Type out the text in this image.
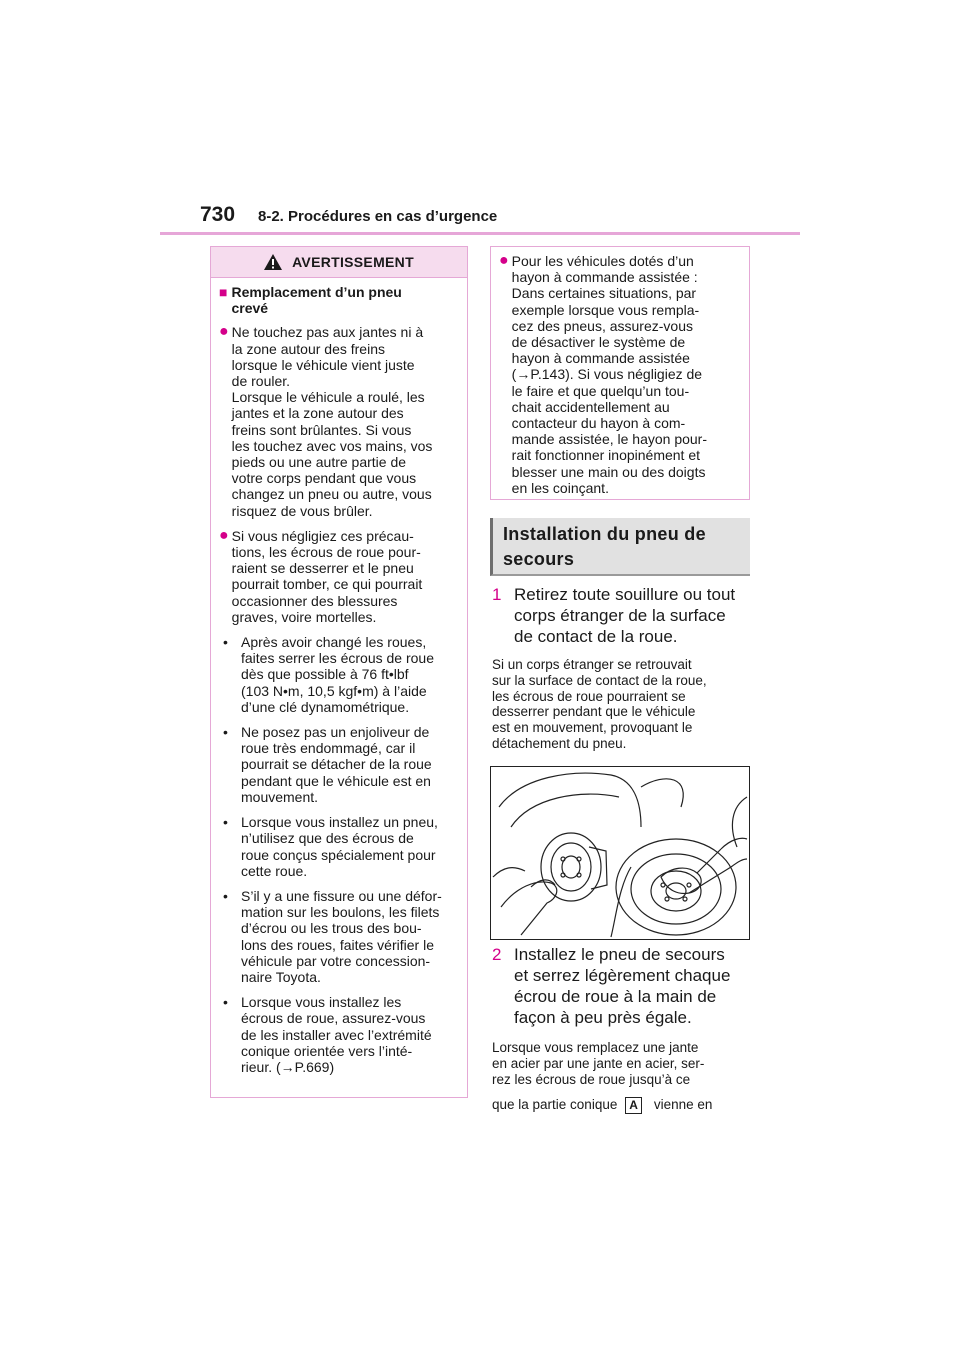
730 8-2. Procédures en cas d’urgence
AVERTISSEMENT
■ Remplacement d’un pneu
crevé
● Ne touchez pas aux jantes ni à
la zone autour des freins
lorsque le véhicule vient juste
de rouler.
Lorsque le véhicule a roulé, les
jantes et la zone autour des
freins sont brûlantes. Si vous
les touchez avec vos mains, vos
pieds ou une autre partie de
votre corps pendant que vous
changez un pneu ou autre, vous
risquez de vous brûler.
● Si vous négligiez ces précau-
tions, les écrous de roue pour-
raient se desserrer et le pneu
pourrait tomber, ce qui pourrait
occasionner des blessures
graves, voire mortelles.
• Après avoir changé les roues,
faites serrer les écrous de roue
dès que possible à 76 ft•lbf
(103 N•m, 10,5 kgf•m) à l’aide
d’une clé dynamométrique.
• Ne posez pas un enjoliveur de
roue très endommagé, car il
pourrait se détacher de la roue
pendant que le véhicule est en
mouvement.
• Lorsque vous installez un pneu,
n’utilisez que des écrous de
roue conçus spécialement pour
cette roue.
• S’il y a une fissure ou une défor-
mation sur les boulons, les filets
d’écrou ou les trous des bou-
lons des roues, faites vérifier le
véhicule par votre concession-
naire Toyota.
• Lorsque vous installez les
écrous de roue, assurez-vous
de les installer avec l’extrémité
conique orientée vers l’inté-
rieur. (→P.669)
● Pour les véhicules dotés d’un
hayon à commande assistée :
Dans certaines situations, par
exemple lorsque vous rempla-
cez des pneus, assurez-vous
de désactiver le système de
hayon à commande assistée
(→P.143). Si vous négligiez de
le faire et que quelqu’un tou-
chait accidentellement au
contacteur du hayon à com-
mande assistée, le hayon pour-
rait fonctionner inopinément et
blesser une main ou des doigts
en les coinçant.
Installation du pneu de
secours
1 Retirez toute souillure ou tout
corps étranger de la surface
de contact de la roue.
Si un corps étranger se retrouvait
sur la surface de contact de la roue,
les écrous de roue pourraient se
desserrer pendant que le véhicule
est en mouvement, provoquant le
détachement du pneu.
2 Installez le pneu de secours
et serrez légèrement chaque
écrou de roue à la main de
façon à peu près égale.
Lorsque vous remplacez une jante
en acier par une jante en acier, ser-
rez les écrous de roue jusqu’à ce
que la partie conique A vienne en
